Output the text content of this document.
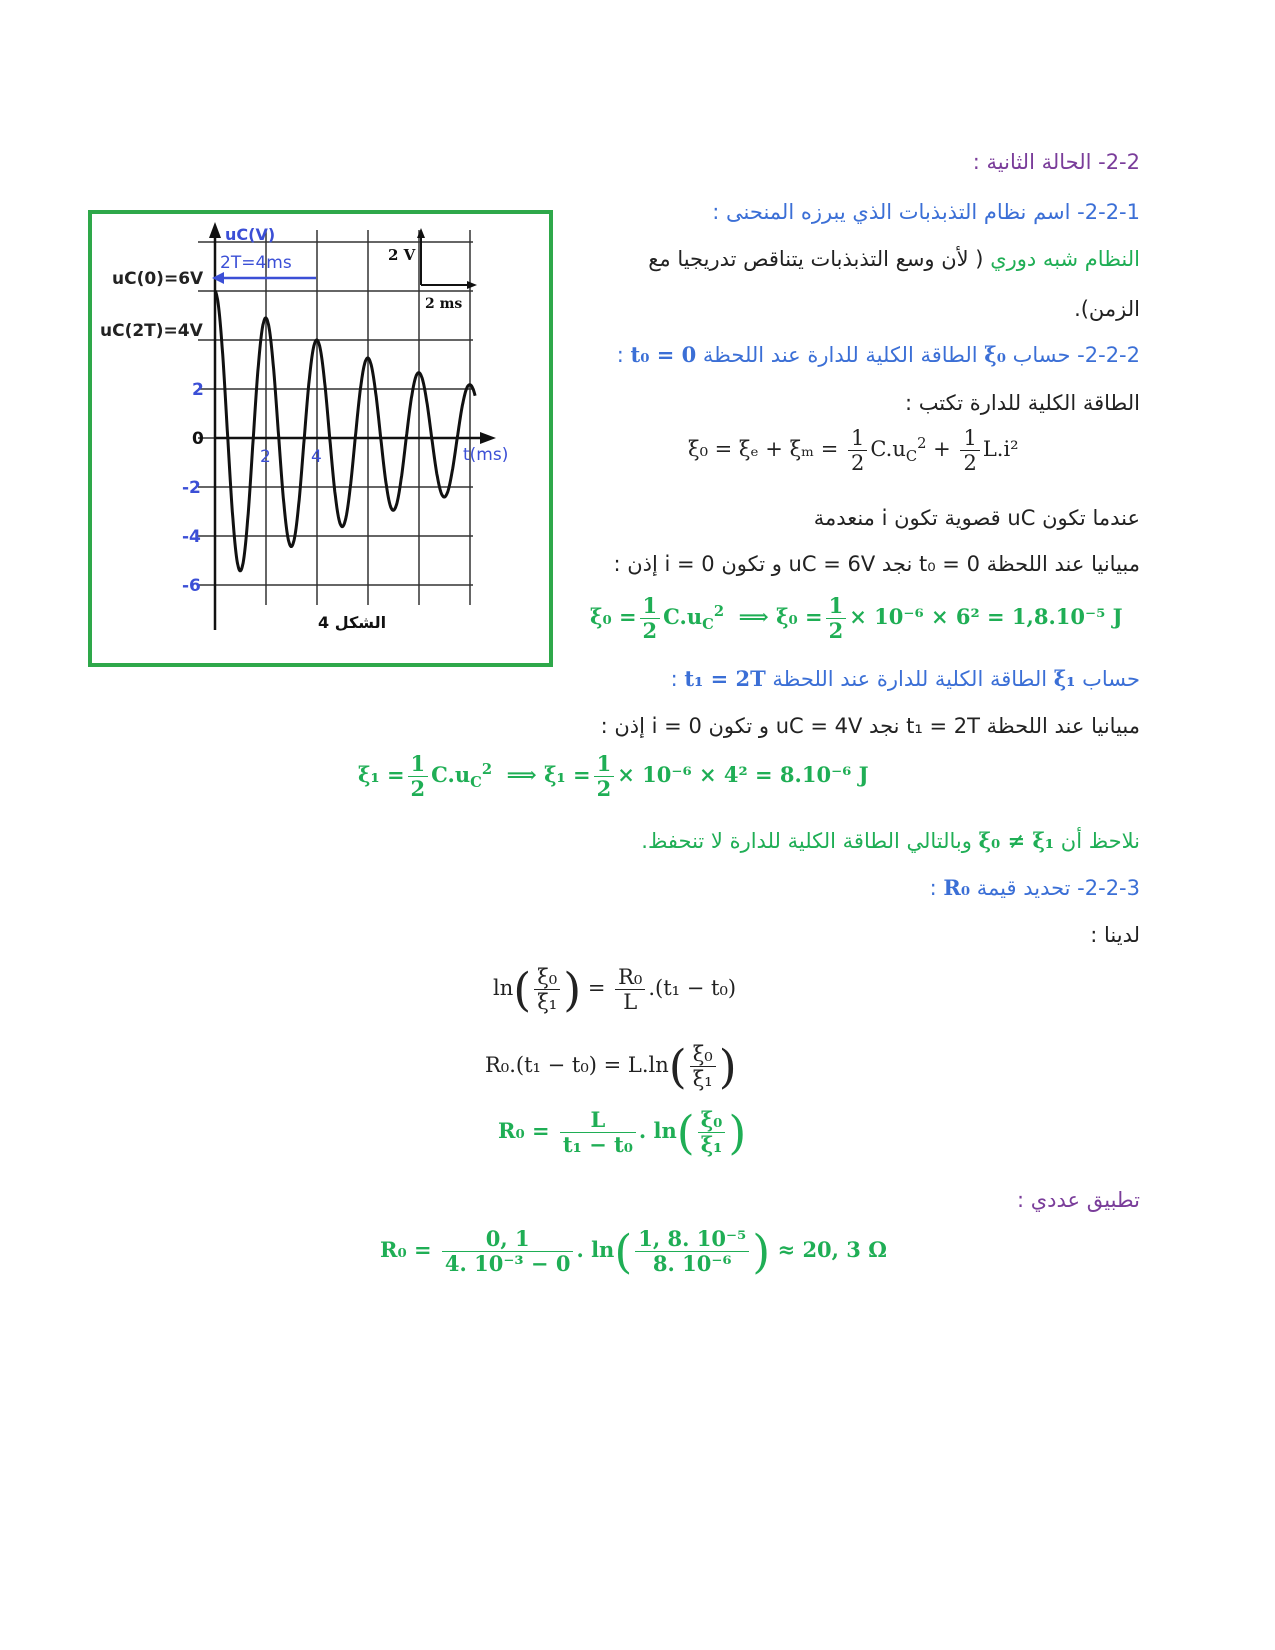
2-2- الحالة الثانية :
2-2-1- اسم نظام التذبذبات الذي يبرزه المنحنى :
النظام شبه دوري ( لأن وسع التذبذبات يتناقص تدريجيا مع
الزمن).
2-2-2- حساب ξ₀ الطاقة الكلية للدارة عند اللحظة t₀ = 0 :
الطاقة الكلية للدارة تكتب :
$\xi_0 = \xi_e + \xi_m = \frac{1}{2} C.u_C^2 + \frac{1}{2} L.i^2$
عندما تكون uC قصوية تكون i منعدمة
مبيانيا عند اللحظة t₀ = 0 نجد uC = 6V و تكون i = 0 إذن :
$\xi_0 = \frac{1}{2} C.u_C^2$ ⟹ $\xi_0 = \frac{1}{2} \times 10^{-6} \times 6^2 = 1,8.10^{-5}$ J
حساب ξ₁ الطاقة الكلية للدارة عند اللحظة t₁ = 2T :
مبيانيا عند اللحظة t₁ = 2T نجد uC = 4V و تكون i = 0 إذن :
$\xi_1 = \frac{1}{2} C.u_C^2$ ⟹ $\xi_1 = \frac{1}{2} \times 10^{-6} \times 4^2 = 8.10^{-6}$ J
نلاحظ أن ξ₀ ≠ ξ₁ وبالتالي الطاقة الكلية للدارة لا تنحفظ.
2-2-3- تحديد قيمة R₀ :
لدينا :
$\ln( \frac{\text{ξ₀}}{\text{ξ₁}}$ ) = $\frac{\text{R₀}}{L} .(t_1 - t_0)$
$R_0.(t_1 - t_0) = L.\ln( \frac{\text{ξ₀}}{\text{ξ₁}}$ )
$R_0 = \frac{L}{\text{t₁ − t₀}}$ . $\ln( \frac{\text{ξ₀}}{\text{ξ₁}}$ )
تطبيق عددي :
$R_0 = \frac{0, 1}{\text{4. 10⁻³ − 0}}$ . $\ln( \frac{\text{1, 8. 10⁻⁵}}{\text{8. 10⁻⁶}}$ ) ≈ 20, 3 Ω
2 V
2 ms
2T=4ms
uC(V)
t(ms)
uC(0)=6V
uC(2T)=4V
2
0
-2
-4
-6
2 4
الشكل 4
